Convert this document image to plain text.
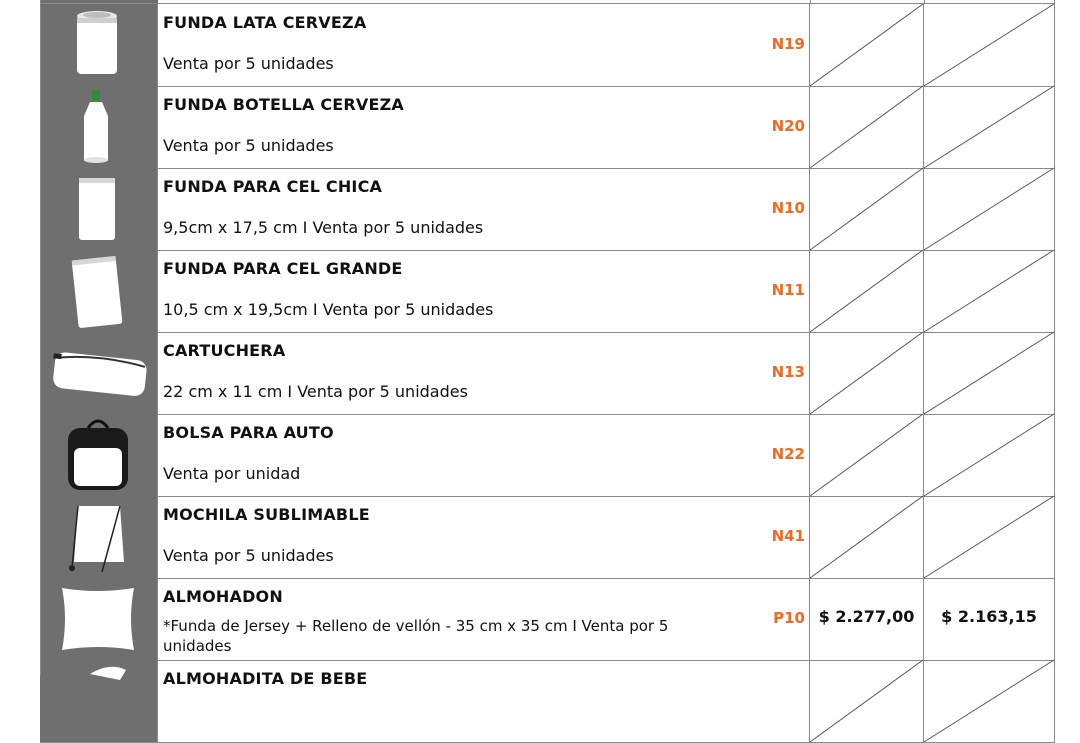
FUNDA LATA CERVEZA
Venta por 5 unidades
N19
FUNDA BOTELLA CERVEZA
Venta por 5 unidades
N20
FUNDA PARA CEL CHICA
9,5cm x 17,5 cm I Venta por 5 unidades
N10
FUNDA PARA CEL GRANDE
10,5 cm x 19,5cm I Venta por 5 unidades
N11
CARTUCHERA
22 cm x 11 cm I Venta por 5 unidades
N13
BOLSA PARA AUTO
Venta por unidad
N22
MOCHILA SUBLIMABLE
Venta por 5 unidades
N41
ALMOHADON
*Funda de Jersey + Relleno de vellón - 35 cm x 35 cm I Venta por 5 unidades
P10 $ 2.277,00	$ 2.163,15
ALMOHADITA DE BEBE
